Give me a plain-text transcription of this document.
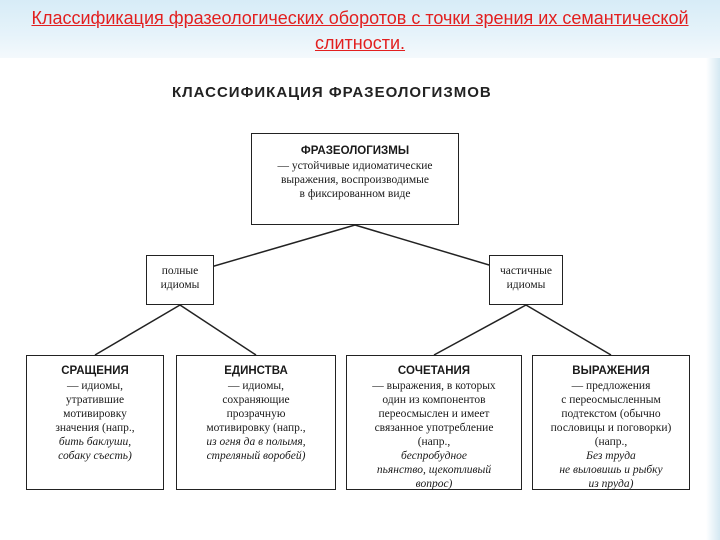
Классификация фразеологических оборотов с точки зрения их семантической слитности.
КЛАССИФИКАЦИЯ ФРАЗЕОЛОГИЗМОВ
ФРАЗЕОЛОГИЗМЫ
— устойчивые идиоматические
выражения, воспроизводимые
в фиксированном виде
полные
идиомы
частичные
идиомы
СРАЩЕНИЯ
— идиомы,
утратившие
мотивировку
значения (напр.,
бить баклуши,
собаку съесть)
ЕДИНСТВА
— идиомы,
сохраняющие
прозрачную
мотивировку (напр.,
из огня да в полымя,
стреляный воробей)
СОЧЕТАНИЯ
— выражения, в которых
один из компонентов
переосмыслен и имеет
связанное употребление
(напр.,
беспробудное
пьянство, щекотливый
вопрос)
ВЫРАЖЕНИЯ
— предложения
с переосмысленным
подтекстом (обычно
пословицы и поговорки)
(напр.,
Без труда
не выловишь и рыбку
из пруда)
